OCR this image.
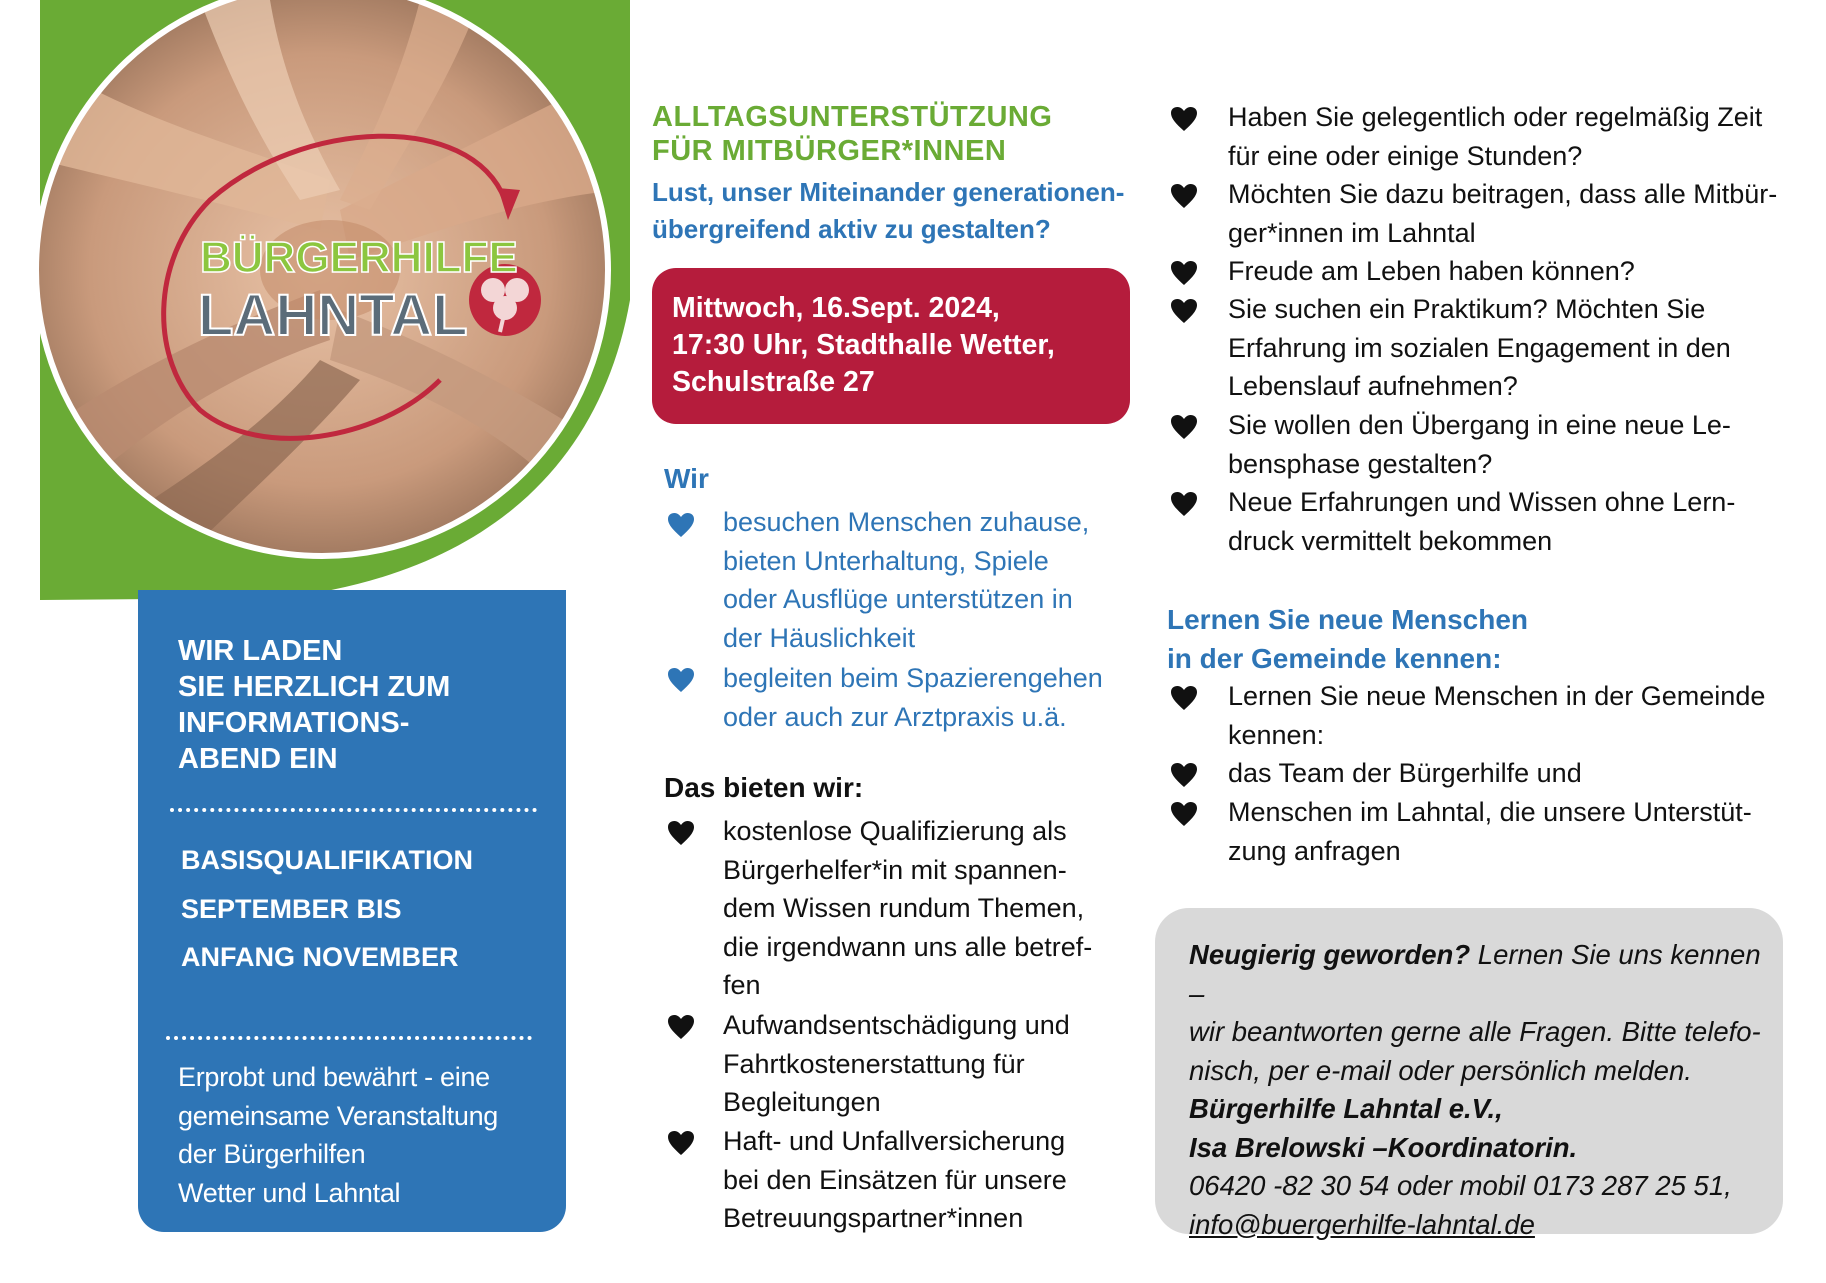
BÜRGERHILFE
LAHNTAL
WIR LADEN
SIE HERZLICH ZUM
INFORMATIONS-
ABEND EIN
BASISQUALIFIKATION
SEPTEMBER BIS
ANFANG NOVEMBER
Erprobt und bewährt - eine
gemeinsame Veranstaltung
der Bürgerhilfen
Wetter und Lahntal
ALLTAGSUNTERSTÜTZUNG
FÜR MITBÜRGER*INNEN
Lust, unser Miteinander generationen-
übergreifend aktiv zu gestalten?
Mittwoch, 16.Sept. 2024,
17:30 Uhr, Stadthalle Wetter,
Schulstraße 27
Wir
besuchen Menschen zuhause,
bieten Unterhaltung, Spiele
oder Ausflüge unterstützen in
der Häuslichkeit
begleiten beim Spazierengehen
oder auch zur Arztpraxis u.ä.
Das bieten wir:
kostenlose Qualifizierung als
Bürgerhelfer*in mit spannen-
dem Wissen rundum Themen,
die irgendwann uns alle betref-
fen
Aufwandsentschädigung und
Fahrtkostenerstattung für
Begleitungen
Haft- und Unfallversicherung
bei den Einsätzen für unsere
Betreuungspartner*innen
Haben Sie gelegentlich oder regelmäßig Zeit
für eine oder einige Stunden?
Möchten Sie dazu beitragen, dass alle Mitbür-
ger*innen im Lahntal
Freude am Leben haben können?
Sie suchen ein Praktikum? Möchten Sie
Erfahrung im sozialen Engagement in den
Lebenslauf aufnehmen?
Sie wollen den Übergang in eine neue Le-
bensphase gestalten?
Neue Erfahrungen und Wissen ohne Lern-
druck vermittelt bekommen
Lernen Sie neue Menschen
in der Gemeinde kennen:
Lernen Sie neue Menschen in der Gemeinde
kennen:
das Team der Bürgerhilfe und
Menschen im Lahntal, die unsere Unterstüt-
zung anfragen
Neugierig geworden? Lernen Sie uns kennen –
wir beantworten gerne alle Fragen. Bitte telefo-
nisch, per e-mail oder persönlich melden.
Bürgerhilfe Lahntal e.V.,
Isa Brelowski –Koordinatorin.
06420 -82 30 54 oder mobil 0173 287 25 51,
info@buergerhilfe-lahntal.de
